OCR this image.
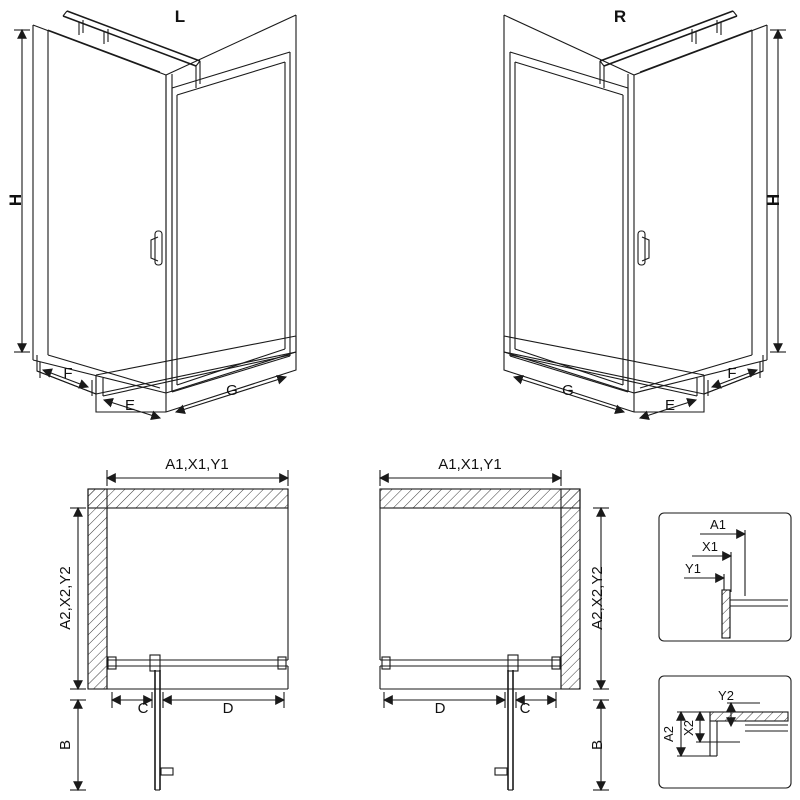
H
F
E
G
L
H
F
E
G
R
A1,X1,Y1
A2,X2,Y2
B
C	D
A1,X1,Y1
A2,X2,Y2
B
D	C
A1
X1
Y1
A2 X2
Y2
